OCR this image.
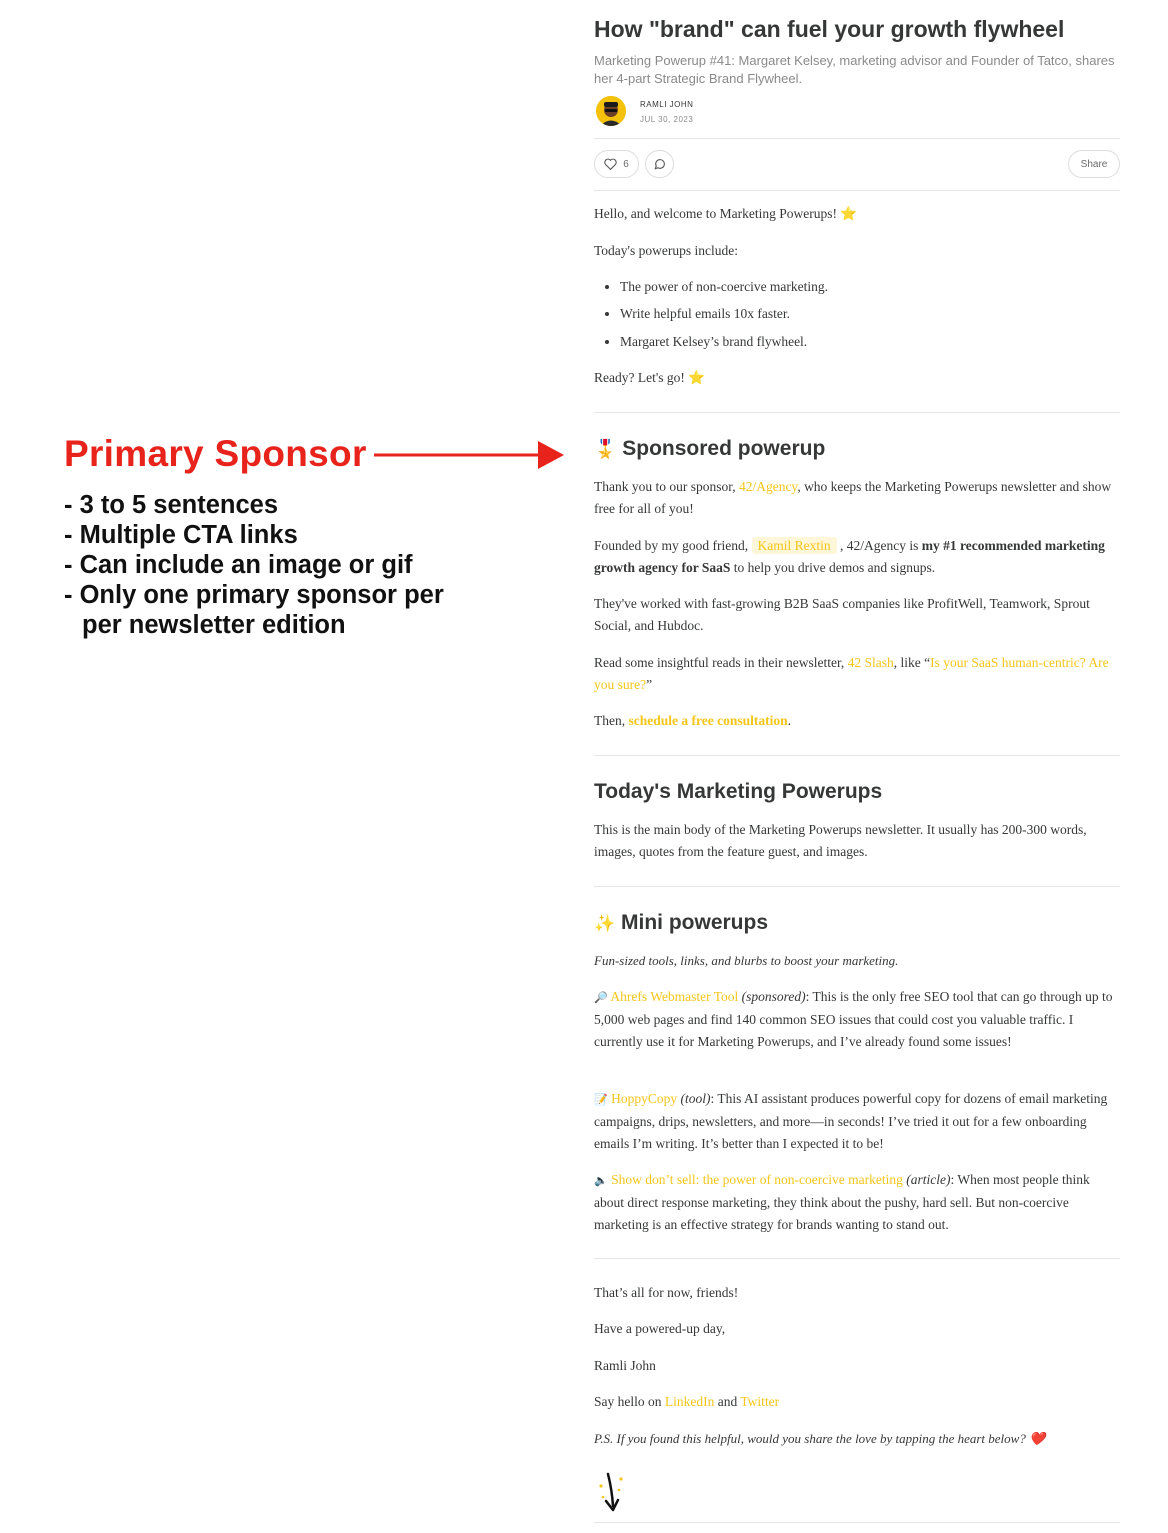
Primary Sponsor
- 3 to 5 sentences
- Multiple CTA links
- Can include an image or gif
- Only one primary sponsor per
per newsletter edition
How "brand" can fuel your growth flywheel
Marketing Powerup #41: Margaret Kelsey, marketing advisor and Founder of Tatco, shares her 4-part Strategic Brand Flywheel.
RAMLI JOHN
JUL 30, 2023
6	Share
Hello, and welcome to Marketing Powerups! ⭐
Today's powerups include:
The power of non-coercive marketing.
Write helpful emails 10x faster.
Margaret Kelsey’s brand flywheel.
Ready? Let's go! ⭐
🎖️ Sponsored powerup
Thank you to our sponsor, 42/Agency, who keeps the Marketing Powerups newsletter and show free for all of you!
Founded by my good friend, Kamil Rextin , 42/Agency is my #1 recommended marketing growth agency for SaaS to help you drive demos and signups.
They've worked with fast-growing B2B SaaS companies like ProfitWell, Teamwork, Sprout Social, and Hubdoc.
Read some insightful reads in their newsletter, 42 Slash, like “Is your SaaS human-centric? Are you sure?”
Then, schedule a free consultation.
Today's Marketing Powerups
This is the main body of the Marketing Powerups newsletter. It usually has 200-300 words, images, quotes from the feature guest, and images.
✨ Mini powerups
Fun-sized tools, links, and blurbs to boost your marketing.
🔎 Ahrefs Webmaster Tool (sponsored): This is the only free SEO tool that can go through up to 5,000 web pages and find 140 common SEO issues that could cost you valuable traffic. I currently use it for Marketing Powerups, and I’ve already found some issues!
📝 HoppyCopy (tool): This AI assistant produces powerful copy for dozens of email marketing campaigns, drips, newsletters, and more—in seconds! I’ve tried it out for a few onboarding emails I’m writing. It’s better than I expected it to be!
🔈 Show don’t sell: the power of non-coercive marketing (article): When most people think about direct response marketing, they think about the pushy, hard sell. But non-coercive marketing is an effective strategy for brands wanting to stand out.
That’s all for now, friends!
Have a powered-up day,
Ramli John
Say hello on LinkedIn and Twitter
P.S. If you found this helpful, would you share the love by tapping the heart below? ❤️
